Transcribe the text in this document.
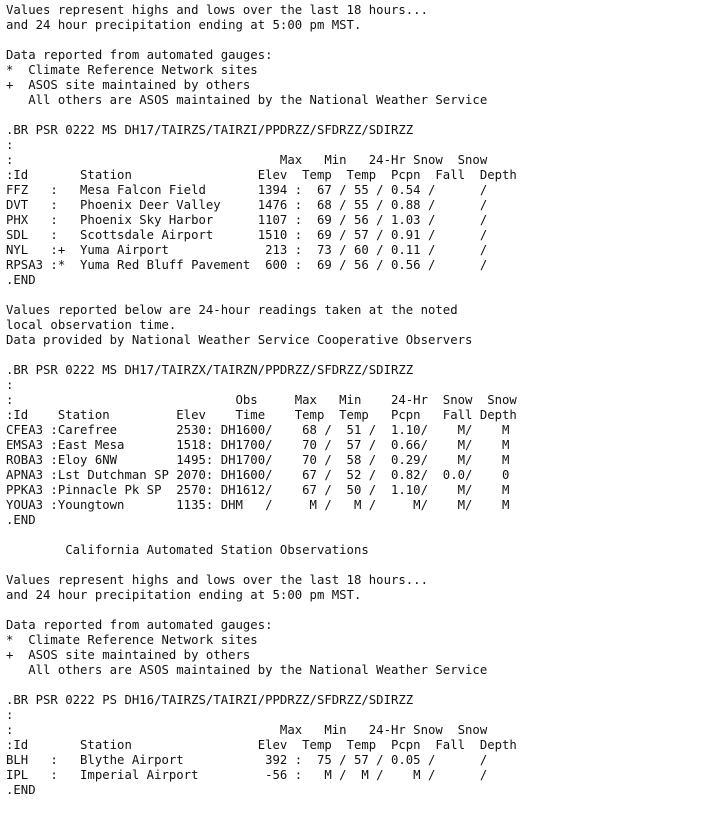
Values represent highs and lows over the last 18 hours...
and 24 hour precipitation ending at 5:00 pm MST.
Data reported from automated gauges:
*  Climate Reference Network sites
+  ASOS site maintained by others
All others are ASOS maintained by the National Weather Service
.BR PSR 0222 MS DH17/TAIRZS/TAIRZI/PPDRZZ/SFDRZZ/SDIRZZ
:
:                                    Max   Min   24-Hr Snow  Snow
:Id       Station                 Elev  Temp  Temp  Pcpn  Fall  Depth
FFZ   :   Mesa Falcon Field       1394 :  67 / 55 / 0.54 /      /
DVT   :   Phoenix Deer Valley     1476 :  68 / 55 / 0.88 /      /
PHX   :   Phoenix Sky Harbor      1107 :  69 / 56 / 1.03 /      /
SDL   :   Scottsdale Airport      1510 :  69 / 57 / 0.91 /      /
NYL   :+  Yuma Airport             213 :  73 / 60 / 0.11 /      /
RPSA3 :*  Yuma Red Bluff Pavement  600 :  69 / 56 / 0.56 /      /
.END
Values reported below are 24-hour readings taken at the noted
local observation time.
Data provided by National Weather Service Cooperative Observers
.BR PSR 0222 MS DH17/TAIRZX/TAIRZN/PPDRZZ/SFDRZZ/SDIRZZ
:
:                              Obs     Max   Min    24-Hr  Snow  Snow
:Id    Station         Elev    Time    Temp  Temp   Pcpn   Fall Depth
CFEA3 :Carefree        2530: DH1600/    68 /  51 /  1.10/    M/    M
EMSA3 :East Mesa       1518: DH1700/    70 /  57 /  0.66/    M/    M
ROBA3 :Eloy 6NW        1495: DH1700/    70 /  58 /  0.29/    M/    M
APNA3 :Lst Dutchman SP 2070: DH1600/    67 /  52 /  0.82/  0.0/    0
PPKA3 :Pinnacle Pk SP  2570: DH1612/    67 /  50 /  1.10/    M/    M
YOUA3 :Youngtown       1135: DHM   /     M /   M /     M/    M/    M
.END
California Automated Station Observations
Values represent highs and lows over the last 18 hours...
and 24 hour precipitation ending at 5:00 pm MST.
Data reported from automated gauges:
*  Climate Reference Network sites
+  ASOS site maintained by others
All others are ASOS maintained by the National Weather Service
.BR PSR 0222 PS DH16/TAIRZS/TAIRZI/PPDRZZ/SFDRZZ/SDIRZZ
:
:                                    Max   Min   24-Hr Snow  Snow
:Id       Station                 Elev  Temp  Temp  Pcpn  Fall  Depth
BLH   :   Blythe Airport           392 :  75 / 57 / 0.05 /      /
IPL   :   Imperial Airport         -56 :   M /  M /    M /      /
.END
